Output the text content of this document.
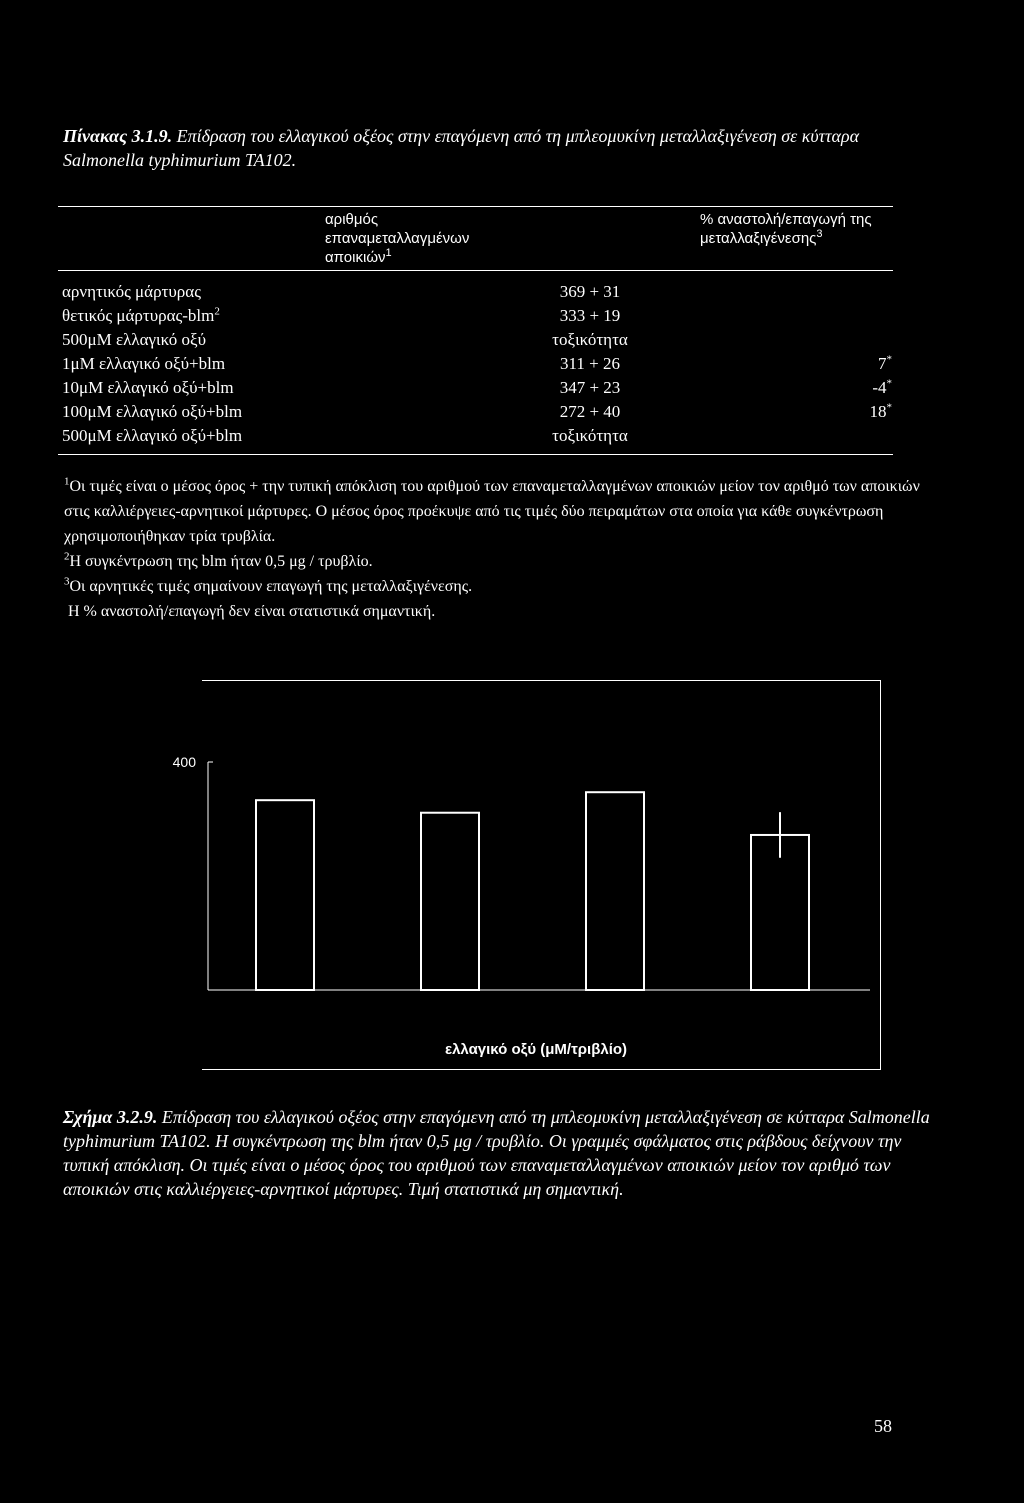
Πίνακας 3.1.9. Επίδραση του ελλαγικού οξέος στην επαγόμενη από τη μπλεομυκίνη μεταλλαξιγένεση σε κύτταρα Salmonella typhimurium TA102.
αριθμός επαναμεταλλαγμένων αποικιών$^1$
% αναστολή/επαγωγή της μεταλλαξιγένεσης$^3$
αρνητικός μάρτυρας	369 + 31
θετικός μάρτυρας-blm$^2$	333 + 19
500μΜ ελλαγικό οξύ	τοξικότητα
1μΜ ελλαγικό οξύ+blm	311 + 26	7*
10μΜ ελλαγικό οξύ+blm	347 + 23	-4*
100μΜ ελλαγικό οξύ+blm	272 + 40	18*
500μΜ ελλαγικό οξύ+blm	τοξικότητα

$^1$Οι τιμές είναι ο μέσος όρος + την τυπική απόκλιση του αριθμού των επαναμεταλλαγμένων αποικιών μείον τον αριθμό των αποικιών στις καλλιέργειες-αρνητικοί μάρτυρες. Ο μέσος όρος προέκυψε από τις τιμές δύο πειραμάτων στα οποία για κάθε συγκέντρωση χρησιμοποιήθηκαν τρία τρυβλία.

$^2$Η συγκέντρωση της blm ήταν 0,5 μg / τρυβλίο.

$^3$Οι αρνητικές τιμές σημαίνουν επαγωγή της μεταλλαξιγένεσης.

Η % αναστολή/επαγωγή δεν είναι στατιστικά σημαντική.

400
ελλαγικό οξύ (μΜ/τριβλίο)
Σχήμα 3.2.9. Επίδραση του ελλαγικού οξέος στην επαγόμενη από τη μπλεομυκίνη μεταλλαξιγένεση σε κύτταρα Salmonella typhimurium TA102. Η συγκέντρωση της blm ήταν 0,5 μg / τρυβλίο. Οι γραμμές σφάλματος στις ράβδους δείχνουν την τυπική απόκλιση. Οι τιμές είναι ο μέσος όρος του αριθμού των επαναμεταλλαγμένων αποικιών μείον τον αριθμό των αποικιών στις καλλιέργειες-αρνητικοί μάρτυρες. Τιμή στατιστικά μη σημαντική.
58
